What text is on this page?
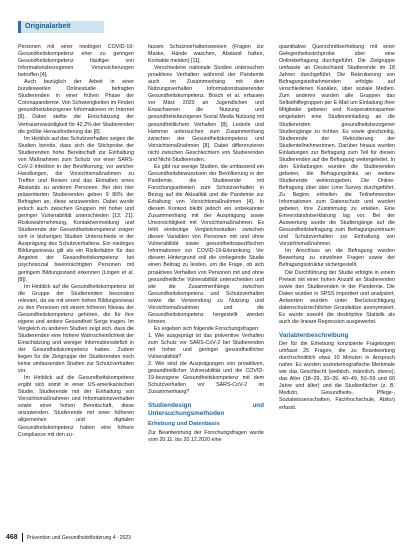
Originalarbeit

Personen mit einer niedrigen COVID-19-Gesundheitskompetenz eher zu geringen Gesundheitskompetenz häufiger von Informationsbezogenen Verunsicherungen betroffen [4].

Auch bezüglich der Arbeit in einer bundesweiten Onlinestudie befragten Studierenden in einer frühen Phase der Coronapandemie. Von Schwierigkeiten im Finden gesundheitsbezogener Informationen im Internet [8]. Dabei stellte die Einschätzung der Vertrauenswürdigkeit für 42,2% der Studierenden die größte Herausforderung dar [8].

Im Hinblick auf das Schutzverhalten zeigen die Studien bereits, dass sich die Stichprobe der Studierenden hohe Bereitschaft zur Einhaltung von Maßnahmen zum Schutz vor einer SARS-CoV-2-Infektion in der Bevölkerung, vor welcher Handlungen, die Vorsichtsmaßnahmen zu Treffen und Reisen und das Einhalten eines Abstands zu anderen Personen. Bei den hier präsentierten Studierenden geben 9 80% der Befragten an, diese anzuwenden. Dabei wurde jedoch auch zwischen Gruppen mit hoher und geringer Vulnerabilität unterschieden [13, 21]. Risikowahrnehmung, Kontaktvermeidung und Studierende der Gesundheitskompetenz zeigen sich in bisherigen Studien Unterschiede in der Ausprägung des Schutzverhaltens. Ein niedriges Bildungsniveau gilt als ein Risikofaktor für das Angebot der Gesundheitskompetenz bei psychosozial beeinträchtigten Personen mit geringem Bildungsstand erkennen (Lingen et al. [8]).

Im Hinblick auf die Gesundheitskompetenz ist die Gruppe der Studierenden besonders relevant, da sie mit einem hohen Bildungsniveau zu den Personen mit einem höheren Niveau der Gesundheitskompetenz gehören, die für ihre eigene und andere Gesundheit Sorge tragen. Im Vergleich zu anderen Studien zeigt sich, dass die Studierenden eine höhere Wahrscheinlichkeit der Einschätzung und weniger Informationsdefizit in der Gesundheitskompetenz haben. Zudem liegen für die Zielgruppe der Studierenden noch keine umfassenden Studien zur Schutzverhalten vor.

Im Hinblick auf die Gesundheitskompetenz ergibt sich somit in einer US-amerikanischen Studie, Studierende mit der Einhaltung von Vorsichtsmaßnahmen und Informationsverhalten sowie einer hohen Bereitschaft, diese anzuwenden. Studierende mit einer höheren allgemeinen und digitalen Gesundheitskompetenz hatten eine höhere Compliance mit den zu-

fassen Schutzverhaltensweisen (Fragen zur Maske, Hände waschen, Abstand halten, Kontakte meiden) [11].

Verschiedene nationale Studien untersuchen proaktives Verhalten während der Pandemie auch im Zusammenhang mit dem Nutzungsverhalten Informationsbasierender Gesundheitskompetenz. Bosch et al. erfassen vor März 2020 an Jugendlichen und Erwachsenen die Nutzung und gesundheitsbezogener Social Media Nutzung mit gesundheitlichem Verhalten [8]. Lederle und Hammer untersuchen zum Zusammenhang zwischen der Gesundheitskompetenz und Vorsichtsmaßnahmen [8]. Dabei differenzieren nicht zwischen Geschlechtern von Studierenden und Nicht-Studierenden.

Es gibt nur wenige Studien, die umfassend ein Gesundheitsbewusstsein der Bevölkerung in der Pandemie, die Studierende mit Forschungsarbeiten zum Schutzverhalten in Bezug auf die Aktualität und die Pandemie zur Erhaltung von Vorsichtsmaßnahmen [4]. In diesem Kontext bleibt jedoch ein unbekannter Zusammenhang mit der Ausprägung sowie Unvorsichtigkeit mit Vorsichtsmaßnahmen. Es fehlt eindeutige Vergleichsstudien zwischen diesen Variablen von Personen mit und ohne Vulnerabilität sowie gesundheitsspezifischen Informationen zur COVID-19-Erkrankung. Vor diesem Hintergrund soll die vorliegende Studie einen Beitrag zu leisten, um die Frage, ob sich proaktives Verhalten von Personen mit und ohne gesundheitliche Vulnerabilität unterscheiden und wie die Zusammenhänge zwischen Gesundheitskompetenz und Schutzverhalten sowie die Verwendung zu Nutzung und Vorsichtsmaßnahmen und die Gesundheitskompetenz hergestellt werden können.

Es ergeben sich folgende Forschungsfragen:

1. Wie ausgeprägt ist das präventive Verhalten zum Schutz vor SARS-CoV-2 bei Studierenden mit hoher und geringer gesundheitlicher Vulnerabilität?

2. Wie sind die Ausprägungen von proaktiven, gesundheitlicher Vulnerabilität und die COVID-19-bezogene Gesundheitskompetenz mit dem Schutzverhalten vor SARS-CoV-2 im Zusammenhang?

Studiendesign und Untersuchungsmethoden
Erhebung und Datenbasis

Zur Beantwortung der Forschungsfragen wurde vom 20.11. bis 20.12.2020 eine

quantitative Querschnittserhebung mit einer Gelegenheitsstichprobe über eine Onlinebefragung durchgeführt. Die Zielgruppe umfasste an Deutschland Studierende im 18 Jahren durchgeführt. Die Rekrutierung von Befragungsteilnehmenden erfolgte auf verschiedenen Kanälen, über soziale Medien. Zum anderen wurden alle Gruppen das Selbsthilfegruppen per E-Mail um Einladung ihrer Mitglieder gebeten und Kooperationspartner eingeladen eine Studieneinladung an die Studierenden gesundheitsbezogener Studiengänge zu richten. Es sowie gleichzeitig, Studierende der Rekrutierung der Studienteilnehmerinnen. Darüber hinaus wurden Einladungen zur Befragung zum Teil für diesen Studierenden auf die Befragung weitergeleitet. In den Einladungen wurden die Studierenden gebeten, die Befragungslinks an weitere Studierende weiterzugeben. Die Online-Befragung über über Lime Survey durchgeführt. Zu Beginn erhielten die Teilnehmenden Informationen zum Datenschutz und wurden gebeten, ihre Zustimmung zu erteilen. Eine Einverständniserklärung lag vor. Bei der Auswertung wurde die Studiengänge auf die Gesundheitsbefragung zum Befragungszeitraum und Schutzverhalten zur Einhaltung von Vorsichtsmaßnahmen.

Im Anschluss an die Befragung wurden Bewertung zu einzelnen Fragen sowie der Befragungsstruktur sichergestellt.

Die Durchführung der Studie erfolgte in einem Pretest mit einer hohen Anzahl an Studierenden sowie den Studierenden in der Pandemie. Die Daten wurden in SPSS importiert und analysiert. Antworten wurden unter Berücksichtigung datenschutzrechtlicher Grundsätze anonymisiert. Es wurde sowohl die deskriptive Statistik als auch die lineare Regression ausgewertet.

Variablenbeschreibung

Der für die Erhebung konzipierte Fragebogen umfasst 25 Fragen, die zu Beantwortung durchschnittlich etwa 10 Minuten in Anspruch nahm. Es wurden soziodemografische Merkmale wie das Geschlecht (weiblich, männlich, divers), das Alter (18–29, 30–39, 40–49, 50–59 und 60 Jahre und älter) und die Studienfächer (z. B. Medizin, Gesundheits-, Pflege-, Sozialwissenschaften, Fachhochschule, Abitur) erfasst.

468 Prävention und Gesundheitsförderung 4 · 2023
